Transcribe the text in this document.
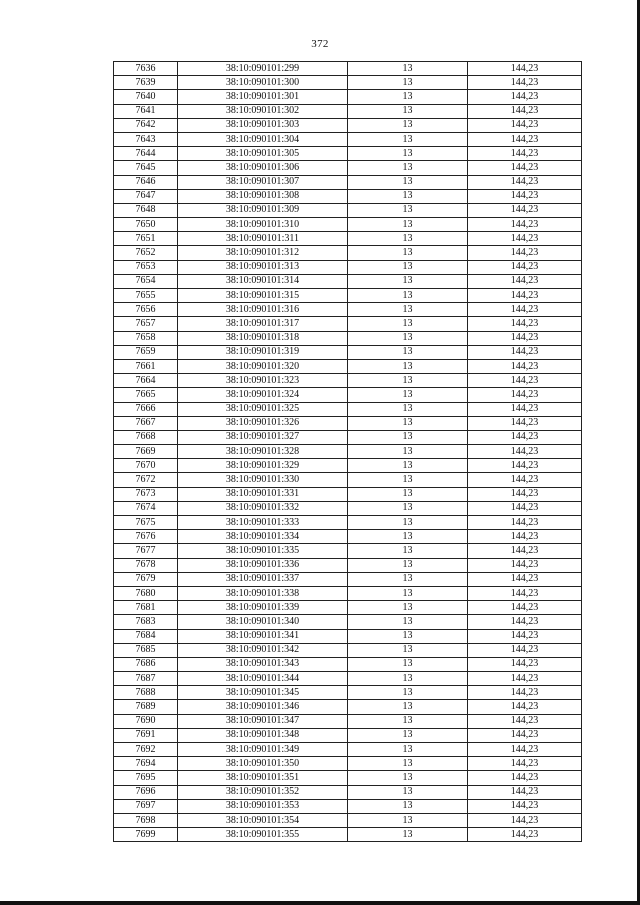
372
7636	38:10:090101:299	13	144,23
7639	38:10:090101:300	13	144,23
7640	38:10:090101:301	13	144,23
7641	38:10:090101:302	13	144,23
7642	38:10:090101:303	13	144,23
7643	38:10:090101:304	13	144,23
7644	38:10:090101:305	13	144,23
7645	38:10:090101:306	13	144,23
7646	38:10:090101:307	13	144,23
7647	38:10:090101:308	13	144,23
7648	38:10:090101:309	13	144,23
7650	38:10:090101:310	13	144,23
7651	38:10:090101:311	13	144,23
7652	38:10:090101:312	13	144,23
7653	38:10:090101:313	13	144,23
7654	38:10:090101:314	13	144,23
7655	38:10:090101:315	13	144,23
7656	38:10:090101:316	13	144,23
7657	38:10:090101:317	13	144,23
7658	38:10:090101:318	13	144,23
7659	38:10:090101:319	13	144,23
7661	38:10:090101:320	13	144,23
7664	38:10:090101:323	13	144,23
7665	38:10:090101:324	13	144,23
7666	38:10:090101:325	13	144,23
7667	38:10:090101:326	13	144,23
7668	38:10:090101:327	13	144,23
7669	38:10:090101:328	13	144,23
7670	38:10:090101:329	13	144,23
7672	38:10:090101:330	13	144,23
7673	38:10:090101:331	13	144,23
7674	38:10:090101:332	13	144,23
7675	38:10:090101:333	13	144,23
7676	38:10:090101:334	13	144,23
7677	38:10:090101:335	13	144,23
7678	38:10:090101:336	13	144,23
7679	38:10:090101:337	13	144,23
7680	38:10:090101:338	13	144,23
7681	38:10:090101:339	13	144,23
7683	38:10:090101:340	13	144,23
7684	38:10:090101:341	13	144,23
7685	38:10:090101:342	13	144,23
7686	38:10:090101:343	13	144,23
7687	38:10:090101:344	13	144,23
7688	38:10:090101:345	13	144,23
7689	38:10:090101:346	13	144,23
7690	38:10:090101:347	13	144,23
7691	38:10:090101:348	13	144,23
7692	38:10:090101:349	13	144,23
7694	38:10:090101:350	13	144,23
7695	38:10:090101:351	13	144,23
7696	38:10:090101:352	13	144,23
7697	38:10:090101:353	13	144,23
7698	38:10:090101:354	13	144,23
7699	38:10:090101:355	13	144,23
